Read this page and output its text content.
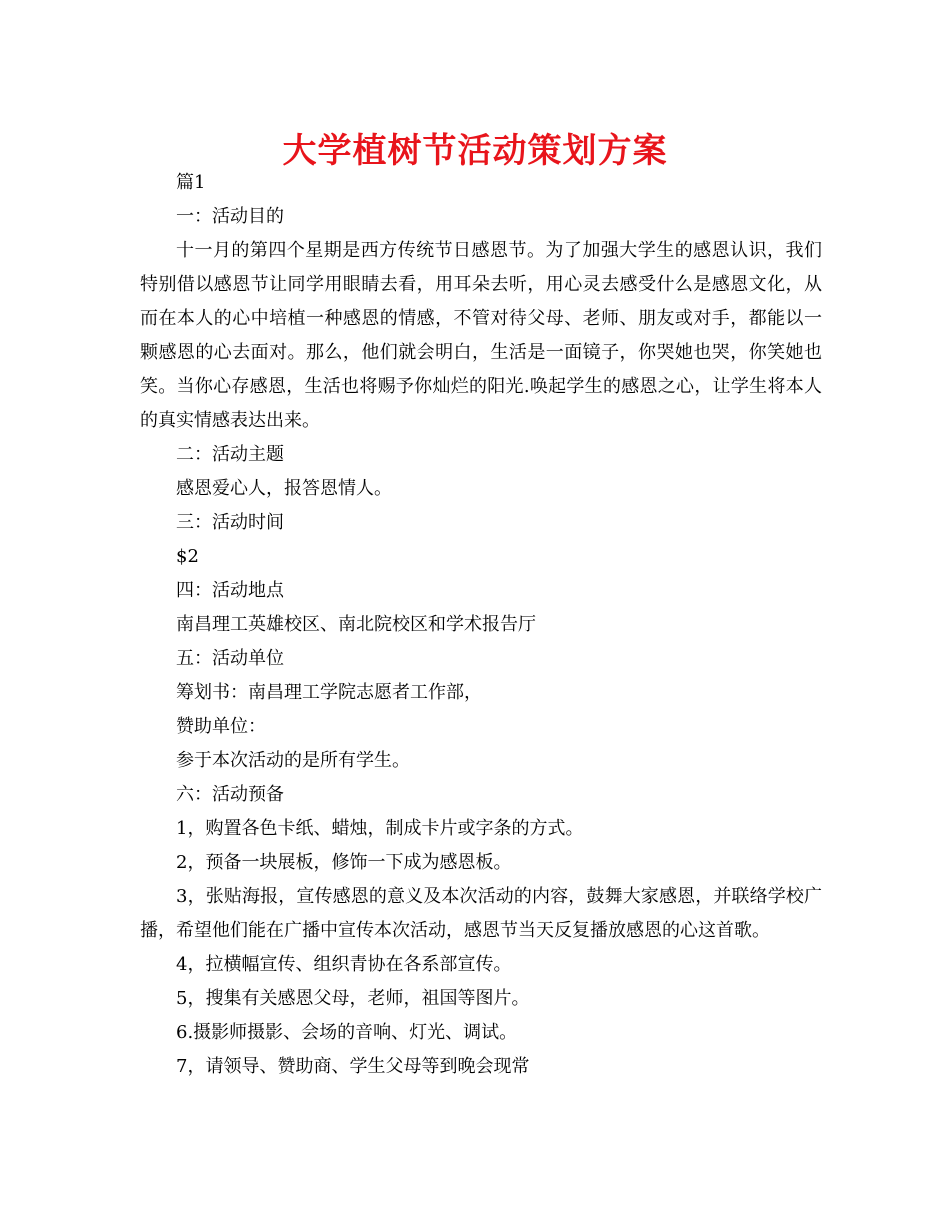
大学植树节活动策划方案

篇1

一：活动目的

十一月的第四个星期是西方传统节日感恩节。为了加强大学生的感恩认识，我们特别借以感恩节让同学用眼睛去看，用耳朵去听，用心灵去感受什么是感恩文化，从而在本人的心中培植一种感恩的情感，不管对待父母、老师、朋友或对手，都能以一颗感恩的心去面对。那么，他们就会明白，生活是一面镜子，你哭她也哭，你笑她也笑。当你心存感恩，生活也将赐予你灿烂的阳光.唤起学生的感恩之心，让学生将本人的真实情感表达出来。

二：活动主题

感恩爱心人，报答恩情人。

三：活动时间

$2

四：活动地点

南昌理工英雄校区、南北院校区和学术报告厅

五：活动单位

筹划书：南昌理工学院志愿者工作部，

赞助单位：

参于本次活动的是所有学生。

六：活动预备

1，购置各色卡纸、蜡烛，制成卡片或字条的方式。

2，预备一块展板，修饰一下成为感恩板。

3，张贴海报，宣传感恩的意义及本次活动的内容，鼓舞大家感恩，并联络学校广播，希望他们能在广播中宣传本次活动，感恩节当天反复播放感恩的心这首歌。

4，拉横幅宣传、组织青协在各系部宣传。

5，搜集有关感恩父母，老师，祖国等图片。

6.摄影师摄影、会场的音响、灯光、调试。

7，请领导、赞助商、学生父母等到晚会现常
